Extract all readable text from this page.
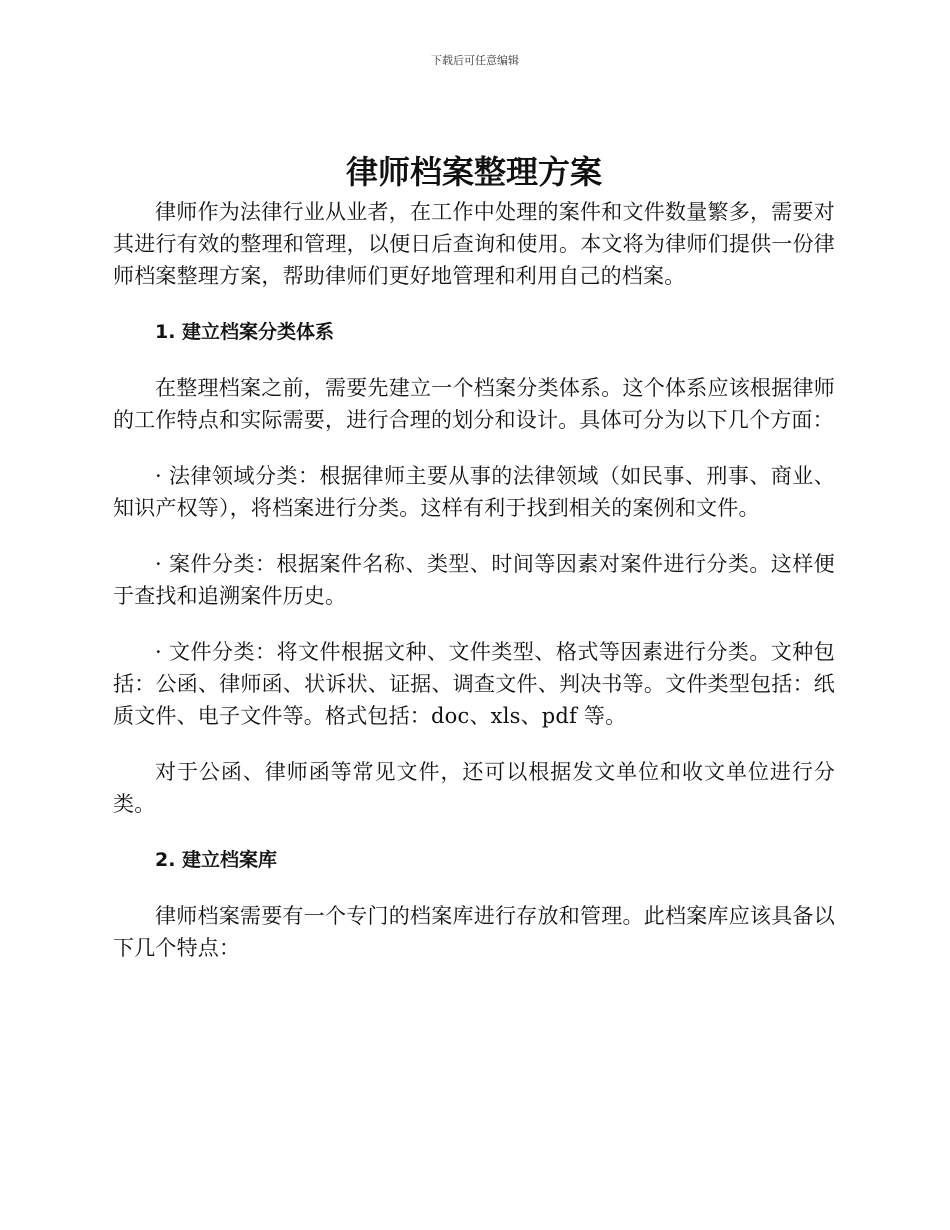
下载后可任意编辑
律师档案整理方案

律师作为法律行业从业者，在工作中处理的案件和文件数量繁多，需要对其进行有效的整理和管理，以便日后查询和使用。本文将为律师们提供一份律师档案整理方案，帮助律师们更好地管理和利用自己的档案。

1. 建立档案分类体系

在整理档案之前，需要先建立一个档案分类体系。这个体系应该根据律师的工作特点和实际需要，进行合理的划分和设计。具体可分为以下几个方面：

· 法律领域分类：根据律师主要从事的法律领域（如民事、刑事、商业、知识产权等），将档案进行分类。这样有利于找到相关的案例和文件。

· 案件分类：根据案件名称、类型、时间等因素对案件进行分类。这样便于查找和追溯案件历史。

· 文件分类：将文件根据文种、文件类型、格式等因素进行分类。文种包括：公函、律师函、状诉状、证据、调查文件、判决书等。文件类型包括：纸质文件、电子文件等。格式包括：doc、xls、pdf 等。

对于公函、律师函等常见文件，还可以根据发文单位和收文单位进行分类。

2. 建立档案库

律师档案需要有一个专门的档案库进行存放和管理。此档案库应该具备以下几个特点：
